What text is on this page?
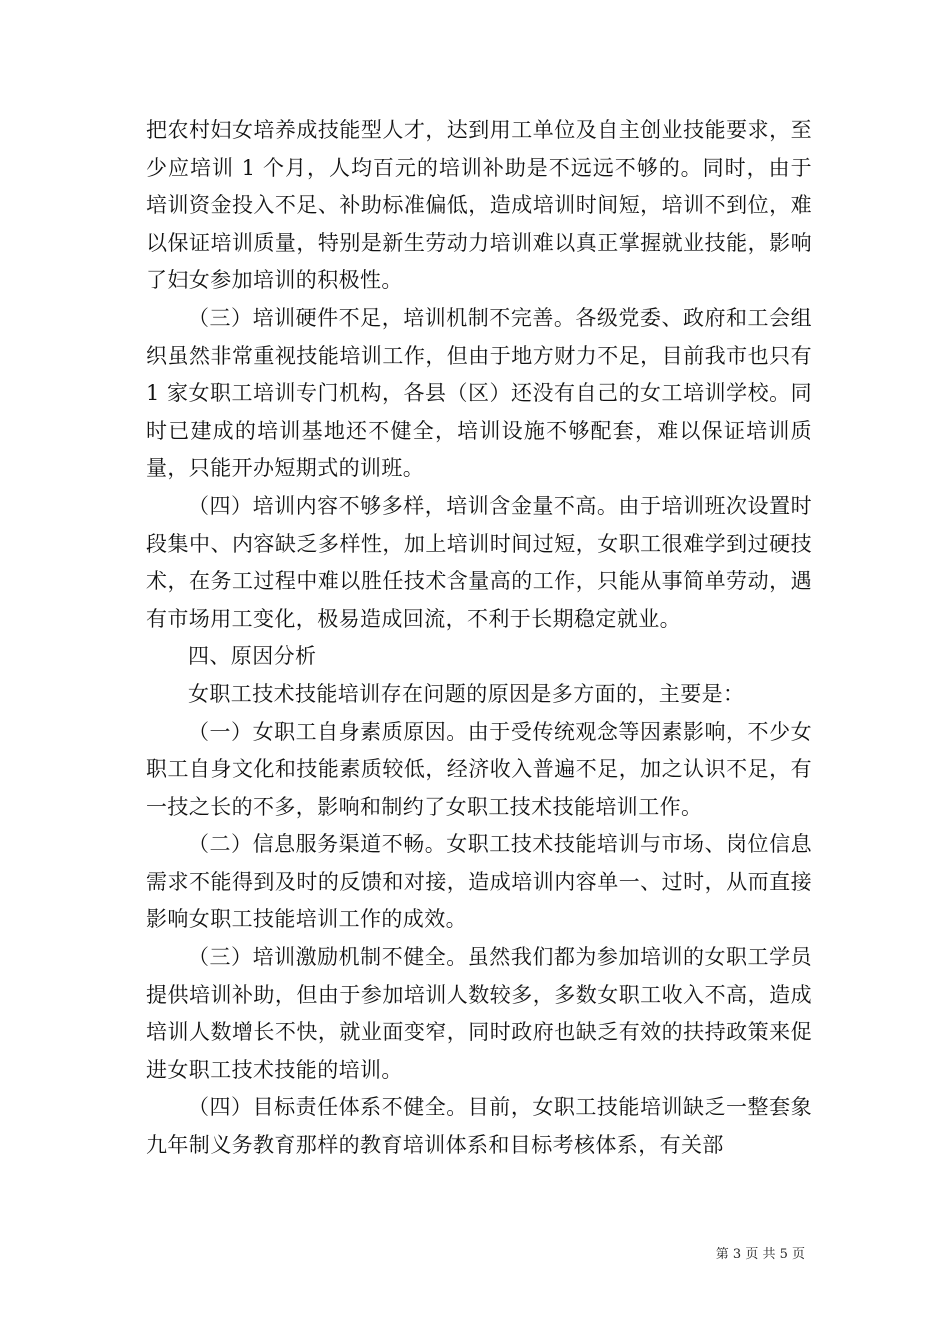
把农村妇女培养成技能型人才，达到用工单位及自主创业技能要求，至少应培训 1 个月，人均百元的培训补助是不远远不够的。同时，由于培训资金投入不足、补助标准偏低，造成培训时间短，培训不到位，难以保证培训质量，特别是新生劳动力培训难以真正掌握就业技能，影响了妇女参加培训的积极性。

（三）培训硬件不足，培训机制不完善。各级党委、政府和工会组织虽然非常重视技能培训工作，但由于地方财力不足，目前我市也只有 1 家女职工培训专门机构，各县（区）还没有自己的女工培训学校。同时已建成的培训基地还不健全，培训设施不够配套，难以保证培训质量，只能开办短期式的训班。

（四）培训内容不够多样，培训含金量不高。由于培训班次设置时段集中、内容缺乏多样性，加上培训时间过短，女职工很难学到过硬技术，在务工过程中难以胜任技术含量高的工作，只能从事简单劳动，遇有市场用工变化，极易造成回流，不利于长期稳定就业。

四、原因分析

女职工技术技能培训存在问题的原因是多方面的，主要是：

（一）女职工自身素质原因。由于受传统观念等因素影响，不少女职工自身文化和技能素质较低，经济收入普遍不足，加之认识不足，有一技之长的不多，影响和制约了女职工技术技能培训工作。

（二）信息服务渠道不畅。女职工技术技能培训与市场、岗位信息需求不能得到及时的反馈和对接，造成培训内容单一、过时，从而直接影响女职工技能培训工作的成效。

（三）培训激励机制不健全。虽然我们都为参加培训的女职工学员提供培训补助，但由于参加培训人数较多，多数女职工收入不高，造成培训人数增长不快，就业面变窄，同时政府也缺乏有效的扶持政策来促进女职工技术技能的培训。

（四）目标责任体系不健全。目前，女职工技能培训缺乏一整套象九年制义务教育那样的教育培训体系和目标考核体系，有关部

第 3 页 共 5 页
